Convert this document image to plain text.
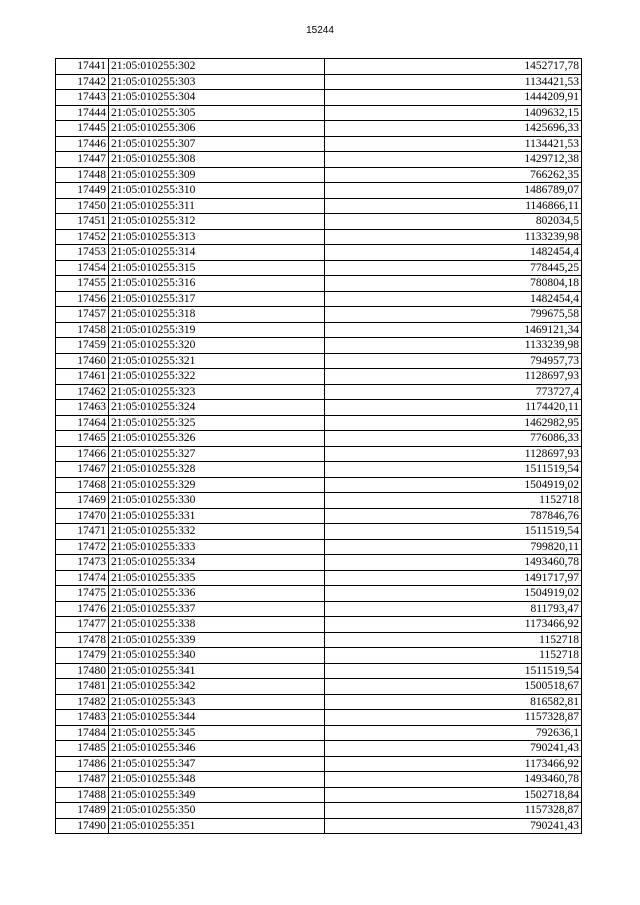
15244
17441	21:05:010255:302	1452717,78
17442	21:05:010255:303	1134421,53
17443	21:05:010255:304	1444209,91
17444	21:05:010255:305	1409632,15
17445	21:05:010255:306	1425696,33
17446	21:05:010255:307	1134421,53
17447	21:05:010255:308	1429712,38
17448	21:05:010255:309	766262,35
17449	21:05:010255:310	1486789,07
17450	21:05:010255:311	1146866,11
17451	21:05:010255:312	802034,5
17452	21:05:010255:313	1133239,98
17453	21:05:010255:314	1482454,4
17454	21:05:010255:315	778445,25
17455	21:05:010255:316	780804,18
17456	21:05:010255:317	1482454,4
17457	21:05:010255:318	799675,58
17458	21:05:010255:319	1469121,34
17459	21:05:010255:320	1133239,98
17460	21:05:010255:321	794957,73
17461	21:05:010255:322	1128697,93
17462	21:05:010255:323	773727,4
17463	21:05:010255:324	1174420,11
17464	21:05:010255:325	1462982,95
17465	21:05:010255:326	776086,33
17466	21:05:010255:327	1128697,93
17467	21:05:010255:328	1511519,54
17468	21:05:010255:329	1504919,02
17469	21:05:010255:330	1152718
17470	21:05:010255:331	787846,76
17471	21:05:010255:332	1511519,54
17472	21:05:010255:333	799820,11
17473	21:05:010255:334	1493460,78
17474	21:05:010255:335	1491717,97
17475	21:05:010255:336	1504919,02
17476	21:05:010255:337	811793,47
17477	21:05:010255:338	1173466,92
17478	21:05:010255:339	1152718
17479	21:05:010255:340	1152718
17480	21:05:010255:341	1511519,54
17481	21:05:010255:342	1500518,67
17482	21:05:010255:343	816582,81
17483	21:05:010255:344	1157328,87
17484	21:05:010255:345	792636,1
17485	21:05:010255:346	790241,43
17486	21:05:010255:347	1173466,92
17487	21:05:010255:348	1493460,78
17488	21:05:010255:349	1502718,84
17489	21:05:010255:350	1157328,87
17490	21:05:010255:351	790241,43
